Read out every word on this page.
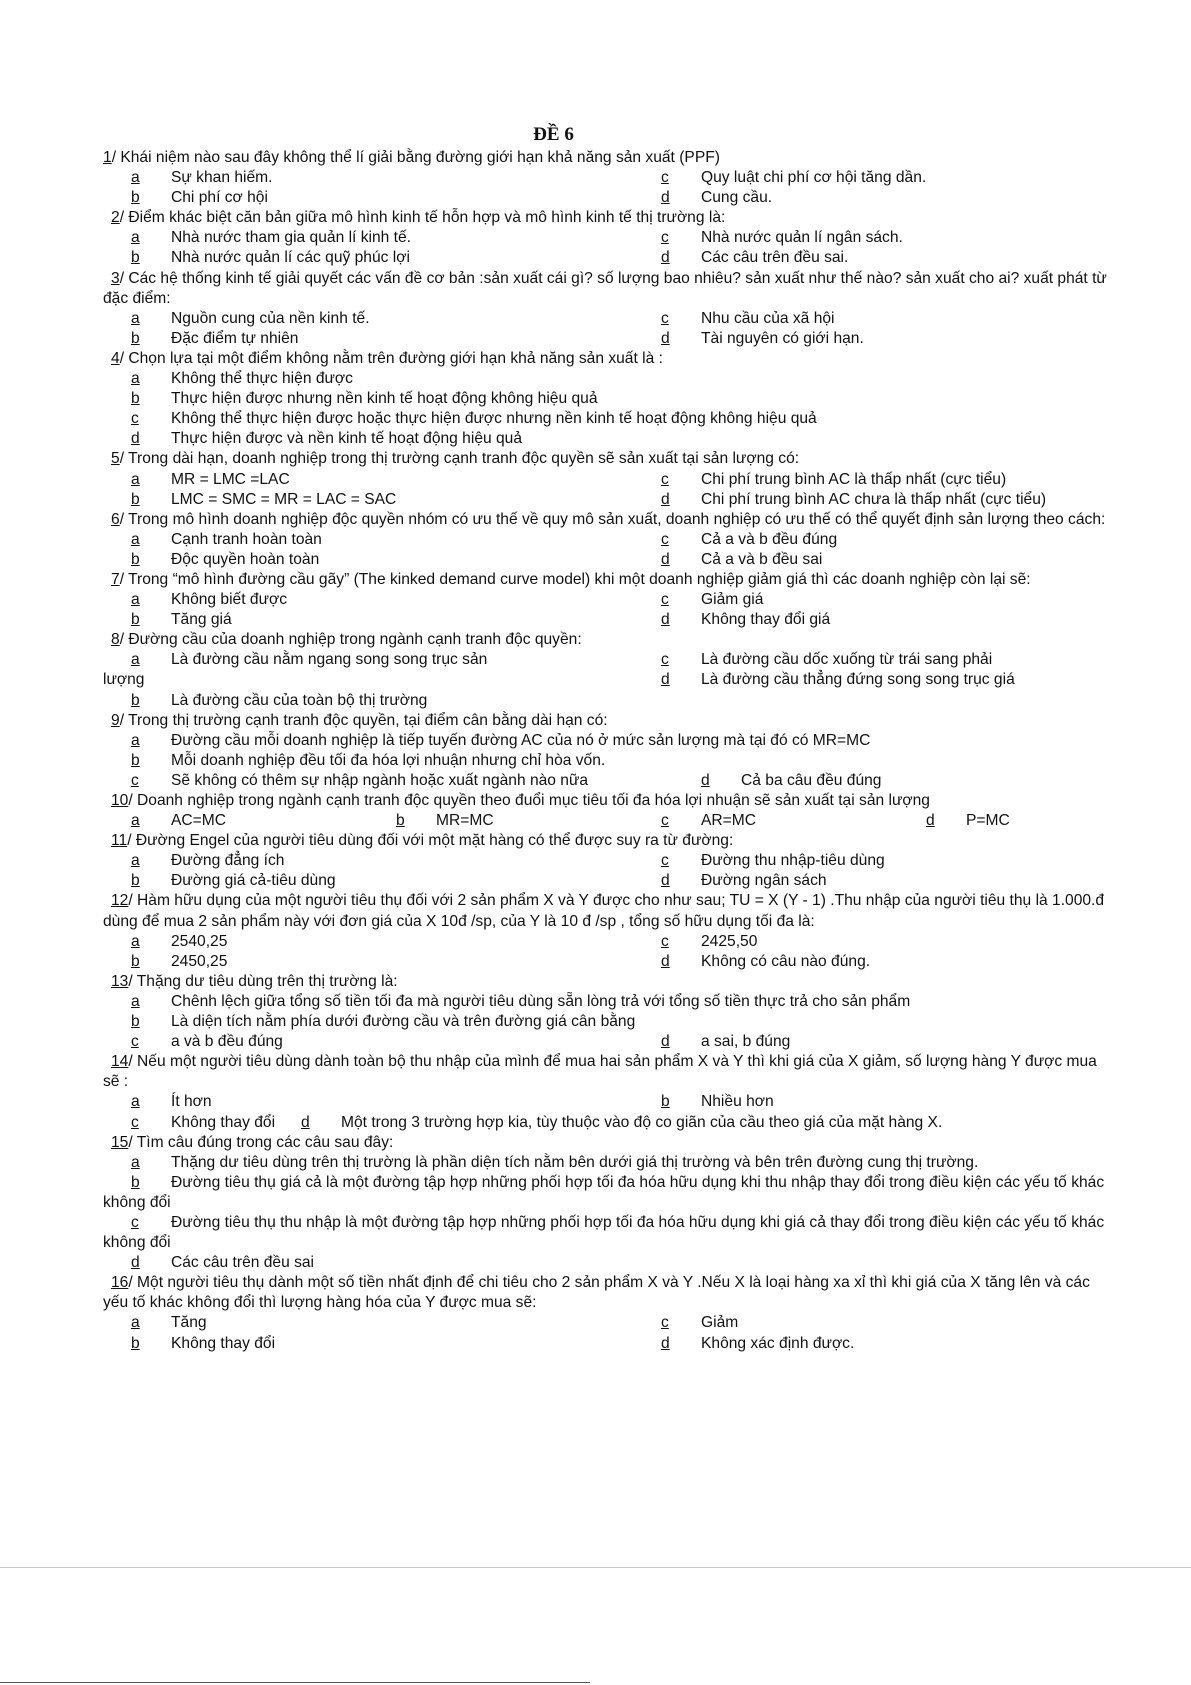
ĐỀ 6
1/ Khái niệm nào sau đây không thể lí giải bằng đường giới hạn khả năng sản xuất (PPF)
a	Sự khan hiếm.	c	Quy luật chi phí cơ hội tăng dần.
b	Chi phí cơ hội	d	Cung cầu.
2/ Điểm khác biệt căn bản giữa mô hình kinh tế hỗn hợp và mô hình kinh tế thị trường là:
a	Nhà nước tham gia quản lí kinh tế.	c	Nhà nước quản lí ngân sách.
b	Nhà nước quản lí các quỹ phúc lợi	d	Các câu trên đều sai.
3/ Các hệ thống kinh tế giải quyết các vấn đề cơ bản :sản xuất cái gì? số lượng bao nhiêu? sản xuất như thế nào? sản xuất cho ai? xuất phát từ đặc điểm:
a	Nguồn cung của nền kinh tế.	c	Nhu cầu của xã hội
b	Đặc điểm tự nhiên	d	Tài nguyên có giới hạn.
4/ Chọn lựa tại một điểm không nằm trên đường giới hạn khả năng sản xuất là :
a	Không thể thực hiện được
b	Thực hiện được nhưng nền kinh tế hoạt động không hiệu quả
c	Không thể thực hiện được hoặc thực hiện được nhưng nền kinh tế hoạt động không hiệu quả
d	Thực hiện được và nền kinh tế hoạt động hiệu quả
5/ Trong dài hạn, doanh nghiệp trong thị trường cạnh tranh độc quyền sẽ sản xuất tại sản lượng có:
a	MR = LMC =LAC	c	Chi phí trung bình AC là thấp nhất (cực tiểu)
b	LMC = SMC = MR = LAC = SAC	d	Chi phí trung bình AC chưa là thấp nhất (cực tiểu)
6/ Trong mô hình doanh nghiệp độc quyền nhóm có ưu thế về quy mô sản xuất, doanh nghiệp có ưu thế có thể quyết định sản lượng theo cách:
a	Cạnh tranh hoàn toàn	c	Cả a và b đều đúng
b	Độc quyền hoàn toàn	d	Cả a và b đều sai
7/ Trong “mô hình đường cầu gãy” (The kinked demand curve model) khi một doanh nghiệp giảm giá thì các doanh nghiệp còn lại sẽ:
a	Không biết được	c	Giảm giá
b	Tăng giá	d	Không thay đổi giá
8/ Đường cầu của doanh nghiệp trong ngành cạnh tranh độc quyền:
a	Là đường cầu nằm ngang song song trục sản	c	Là đường cầu dốc xuống từ trái sang phải
lượng	d	Là đường cầu thẳng đứng song song trục giá
b	Là đường cầu của toàn bộ thị trường
9/ Trong thị trường cạnh tranh độc quyền, tại điểm cân bằng dài hạn có:
a	Đường cầu mỗi doanh nghiệp là tiếp tuyến đường AC của nó ở mức sản lượng mà tại đó có MR=MC
b	Mỗi doanh nghiệp đều tối đa hóa lợi nhuận nhưng chỉ hòa vốn.
c	Sẽ không có thêm sự nhập ngành hoặc xuất ngành nào nữa	d	Cả ba câu đều đúng
10/ Doanh nghiệp trong ngành cạnh tranh độc quyền theo đuổi mục tiêu tối đa hóa lợi nhuận sẽ sản xuất tại sản lượng
a	AC=MC	b	MR=MC	c	AR=MC	d	P=MC
11/ Đường Engel của người tiêu dùng đối với một mặt hàng có thể được suy ra từ đường:
a	Đường đẳng ích	c	Đường thu nhập-tiêu dùng
b	Đường giá cả-tiêu dùng	d	Đường ngân sách
12/ Hàm hữu dụng của một người tiêu thụ đối với 2 sản phẩm X và Y được cho như sau; TU = X (Y - 1) .Thu nhập của người tiêu thụ là 1.000.đ dùng để mua 2 sản phẩm này với đơn giá của X 10đ /sp, của Y là 10 đ /sp , tổng số hữu dụng tối đa là:
a	2540,25	c	2425,50
b	2450,25	d	Không có câu nào đúng.
13/ Thặng dư tiêu dùng trên thị trường là:
a	Chênh lệch giữa tổng số tiền tối đa mà người tiêu dùng sẵn lòng trả với tổng số tiền thực trả cho sản phẩm
b	Là diện tích nằm phía dưới đường cầu và trên đường giá cân bằng
c	a và b đều đúng	d	a sai, b đúng
14/ Nếu một người tiêu dùng dành toàn bộ thu nhập của mình để mua hai sản phẩm X và Y thì khi giá của X giảm, số lượng hàng Y được mua sẽ :
a	Ít hơn	b	Nhiều hơn
c	Không thay đổi	d	Một trong 3 trường hợp kia, tùy thuộc vào độ co giãn của cầu theo giá của mặt hàng X.
15/ Tìm câu đúng trong các câu sau đây:
a	Thặng dư tiêu dùng trên thị trường là phần diện tích nằm bên dưới giá thị trường và bên trên đường cung thị trường.
b Đường tiêu thụ giá cả là một đường tập hợp những phối hợp tối đa hóa hữu dụng khi thu nhập thay đổi trong điều kiện các yếu tố khác không đổi
c Đường tiêu thụ thu nhập là một đường tập hợp những phối hợp tối đa hóa hữu dụng khi giá cả thay đổi trong điều kiện các yếu tố khác không đổi
d	Các câu trên đều sai
16/ Một người tiêu thụ dành một số tiền nhất định để chi tiêu cho 2 sản phẩm X và Y .Nếu X là loại hàng xa xỉ thì khi giá của X tăng lên và các yếu tố khác không đổi thì lượng hàng hóa của Y được mua sẽ:
a	Tăng	c	Giảm
b	Không thay đổi	d	Không xác định được.
